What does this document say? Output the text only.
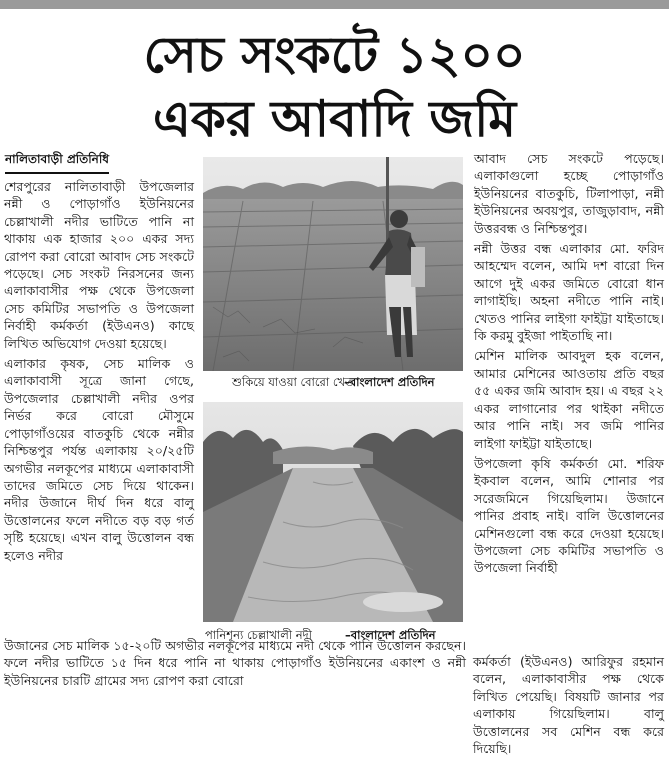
সেচ সংকটে ১২০০
একর আবাদি জমি
নালিতাবাড়ী প্রতিনিধি

শেরপুরের নালিতাবাড়ী উপজেলার নন্নী ও পোড়াগাঁও ইউনিয়নের চেল্লাখালী নদীর ভাটিতে পানি না থাকায় এক হাজার ২০০ একর সদ্য রোপণ করা বোরো আবাদ সেচ সংকটে পড়েছে। সেচ সংকট নিরসনের জন্য এলাকাবাসীর পক্ষ থেকে উপজেলা সেচ কমিটির সভাপতি ও উপজেলা নির্বাহী কর্মকর্তা (ইউএনও) কাছে লিখিত অভিযোগ দেওয়া হয়েছে।

এলাকার কৃষক, সেচ মালিক ও এলাকাবাসী সূত্রে জানা গেছে, উপজেলার চেল্লাখালী নদীর ওপর নির্ভর করে বোরো মৌসুমে পোড়াগাঁওয়ের বাতকুচি থেকে নন্নীর নিশ্চিন্তপুর পর্যন্ত এলাকায় ২০/২৫টি অগভীর নলকূপের মাধ্যমে এলাকাবাসী তাদের জমিতে সেচ দিয়ে থাকেন। নদীর উজানে দীর্ঘ দিন ধরে বালু উত্তোলনের ফলে নদীতে বড় বড় গর্ত সৃষ্টি হয়েছে। এখন বালু উত্তোলন বন্ধ হলেও নদীর

শুকিয়ে যাওয়া বোরো খেত
–বাংলাদেশ প্রতিদিন
পানিশূন্য চেল্লাখালী নদী	–বাংলাদেশ প্রতিদিন
উজানের সেচ মালিক ১৫-২০টি অগভীর নলকূপের মাধ্যমে নদী থেকে পানি উত্তোলন করছেন। ফলে নদীর ভাটিতে ১৫ দিন ধরে পানি না থাকায় পোড়াগাঁও ইউনিয়নের একাংশ ও নন্নী ইউনিয়নের চারটি গ্রামের সদ্য রোপণ করা বোরো

আবাদ সেচ সংকটে পড়েছে। এলাকাগুলো হচ্ছে পোড়াগাঁও ইউনিয়নের বাতকুচি, টিলাপাড়া, নন্নী ইউনিয়নের অবয়পুর, তাজুড়াবাদ, নন্নী উত্তরবন্ধ ও নিশ্চিন্তপুর।

নন্নী উত্তর বন্ধ এলাকার মো. ফরিদ আহম্মেদ বলেন, আমি দশ বারো দিন আগে দুই একর জমিতে বোরো ধান লাগাইছি। অহনা নদীতে পানি নাই। খেতও পানির লাইগা ফাইট্টা যাইতাছে। কি করমু বুইজা পাইতাছি না।

মেশিন মালিক আবদুল হক বলেন, আমার মেশিনের আওতায় প্রতি বছর ৫৫ একর জমি আবাদ হয়। এ বছর ২২ একর লাগানোর পর থাইকা নদীতে আর পানি নাই। সব জমি পানির লাইগা ফাইট্টা যাইতাছে।

উপজেলা কৃষি কর্মকর্তা মো. শরিফ ইকবাল বলেন, আমি শোনার পর সরেজমিনে গিয়েছিলাম। উজানে পানির প্রবাহ নাই। বালি উত্তোলনের মেশিনগুলো বন্ধ করে দেওয়া হয়েছে। উপজেলা সেচ কমিটির সভাপতি ও উপজেলা নির্বাহী

কর্মকর্তা (ইউএনও) আরিফুর রহমান বলেন, এলাকাবাসীর পক্ষ থেকে লিখিত পেয়েছি। বিষয়টি জানার পর এলাকায় গিয়েছিলাম। বালু উত্তোলনের সব মেশিন বন্ধ করে দিয়েছি।
